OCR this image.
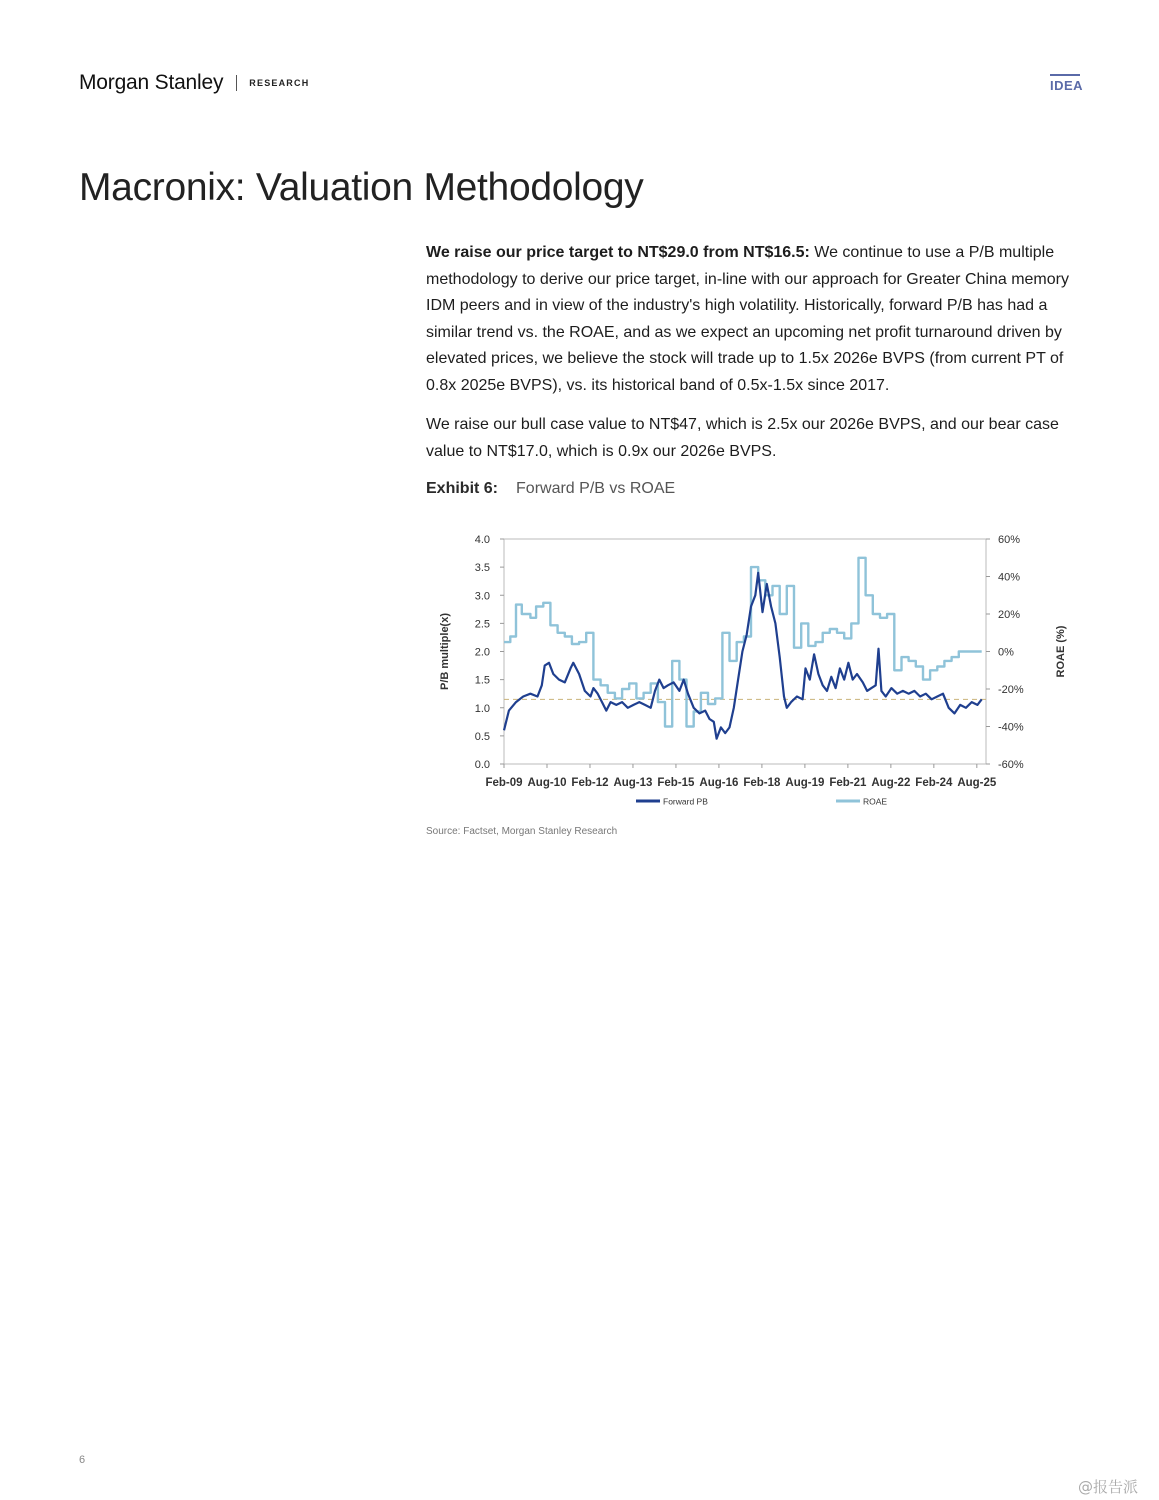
Morgan Stanley	RESEARCH	IDEA
Macronix: Valuation Methodology

We raise our price target to NT$29.0 from NT$16.5: We continue to use a P/B multiple methodology to derive our price target, in-line with our approach for Greater China memory IDM peers and in view of the industry's high volatility. Historically, forward P/B has had a similar trend vs. the ROAE, and as we expect an upcoming net profit turnaround driven by elevated prices, we believe the stock will trade up to 1.5x 2026e BVPS (from current PT of 0.8x 2025e BVPS), vs. its historical band of 0.5x-1.5x since 2017.

We raise our bull case value to NT$47, which is 2.5x our 2026e BVPS, and our bear case value to NT$17.0, which is 0.9x our 2026e BVPS.

Exhibit 6: Forward P/B vs ROAE
0.0
0.5
1.0
1.5
2.0
2.5
3.0
3.5
4.0
-60%
-40%
-20%
0%
20%
40%
60%
Feb-09 Aug-10 Feb-12 Aug-13 Feb-15 Aug-16 Feb-18 Aug-19 Feb-21 Aug-22 Feb-24 Aug-25
P/B multiple(x)	ROAE (%)
Forward PB	ROAE
Source: Factset, Morgan Stanley Research
6
@报告派
